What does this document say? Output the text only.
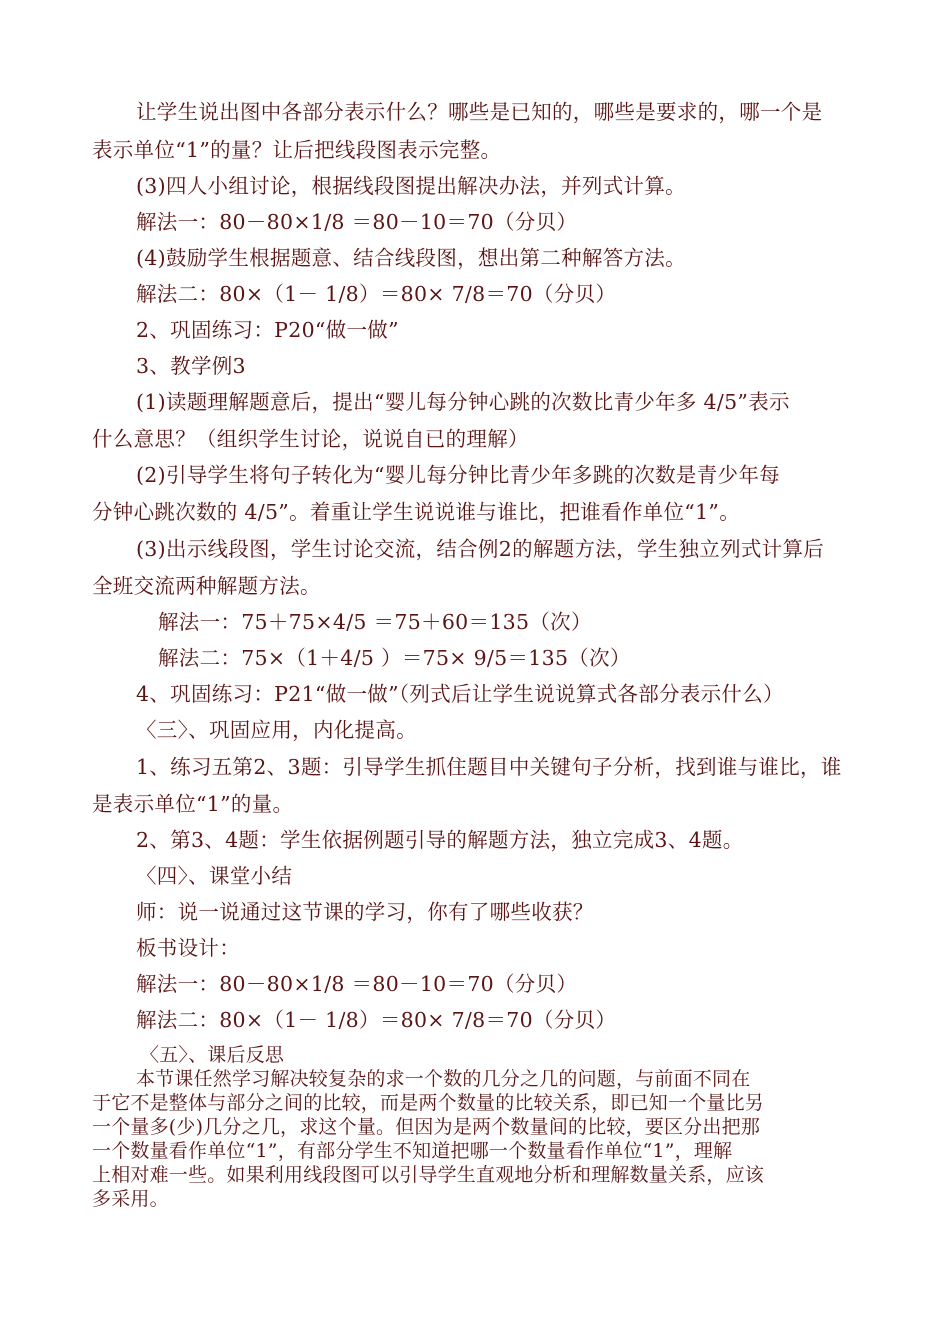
让学生说出图中各部分表示什么？哪些是已知的，哪些是要求的，哪一个是
表示单位“1”的量？让后把线段图表示完整。
(3)四人小组讨论，根据线段图提出解决办法，并列式计算。
解法一：80－80×1/8 ＝80－10＝70（分贝）
(4)鼓励学生根据题意、结合线段图，想出第二种解答方法。
解法二：80×（1－ 1/8）＝80× 7/8＝70（分贝）
2、巩固练习：P20“做一做”
3、教学例3
(1)读题理解题意后，提出“婴儿每分钟心跳的次数比青少年多 4/5”表示
什么意思？（组织学生讨论，说说自已的理解）
(2)引导学生将句子转化为“婴儿每分钟比青少年多跳的次数是青少年每
分钟心跳次数的 4/5”。着重让学生说说谁与谁比，把谁看作单位“1”。
(3)出示线段图，学生讨论交流，结合例2的解题方法，学生独立列式计算后
全班交流两种解题方法。
解法一：75＋75×4/5 ＝75＋60＝135（次）
解法二：75×（1＋4/5 ）＝75× 9/5＝135（次）
4、巩固练习：P21“做一做”（列式后让学生说说算式各部分表示什么）
〈三〉、巩固应用，内化提高。
1、练习五第2、3题：引导学生抓住题目中关键句子分析，找到谁与谁比，谁
是表示单位“1”的量。
2、第3、4题：学生依据例题引导的解题方法，独立完成3、4题。
〈四〉、课堂小结
师：说一说通过这节课的学习，你有了哪些收获？
板书设计：
解法一：80－80×1/8 ＝80－10＝70（分贝）
解法二：80×（1－ 1/8）＝80× 7/8＝70（分贝）
〈五〉、课后反思
本节课任然学习解决较复杂的求一个数的几分之几的问题，与前面不同在
于它不是整体与部分之间的比较，而是两个数量的比较关系，即已知一个量比另
一个量多(少)几分之几，求这个量。但因为是两个数量间的比较，要区分出把那
一个数量看作单位“1”，有部分学生不知道把哪一个数量看作单位“1”，理解
上相对难一些。如果利用线段图可以引导学生直观地分析和理解数量关系，应该
多采用。
